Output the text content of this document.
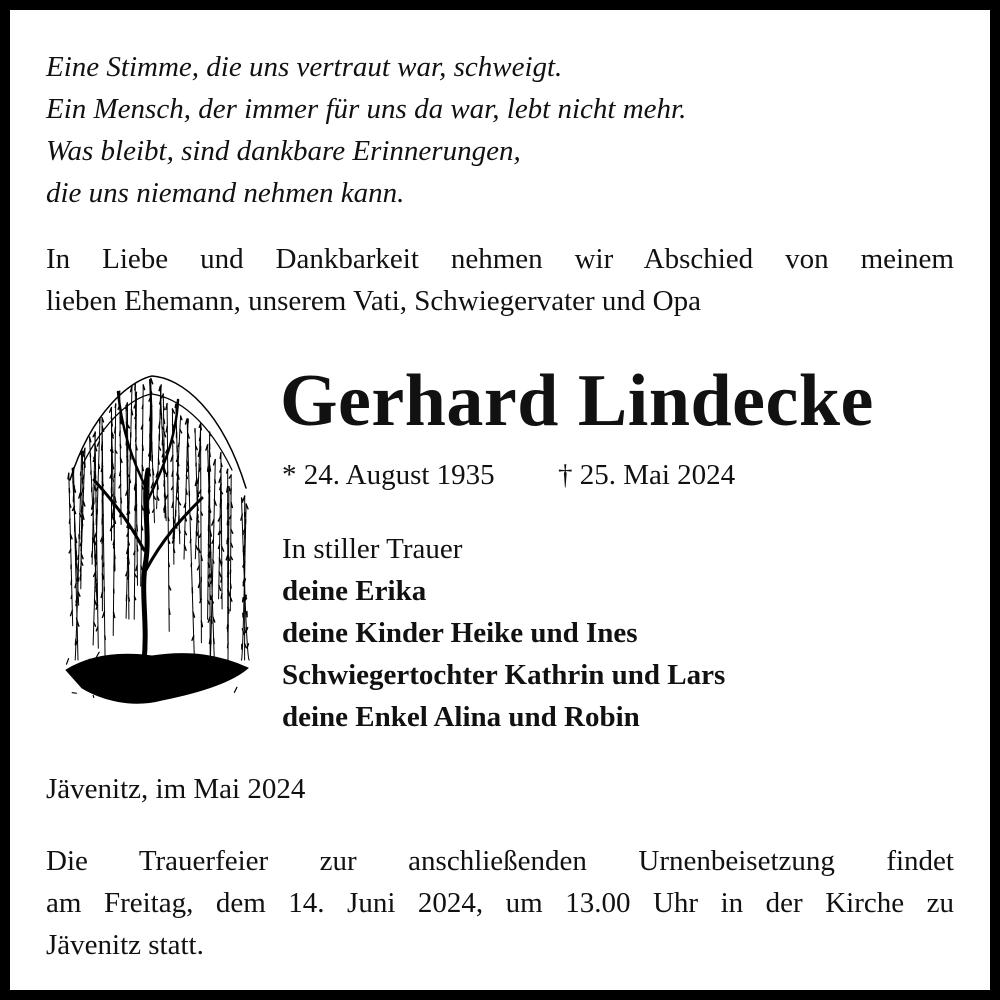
Eine Stimme, die uns vertraut war, schweigt.
Ein Mensch, der immer für uns da war, lebt nicht mehr.
Was bleibt, sind dankbare Erinnerungen,
die uns niemand nehmen kann.
In Liebe und Dankbarkeit nehmen wir Abschied von meinem
lieben Ehemann, unserem Vati, Schwiegervater und Opa
Gerhard Lindecke
* 24. August 1935 † 25. Mai 2024
In stiller Trauer
deine Erika
deine Kinder Heike und Ines
Schwiegertochter Kathrin und Lars
deine Enkel Alina und Robin
Jävenitz, im Mai 2024
Die Trauerfeier zur anschließenden Urnenbeisetzung findet
am Freitag, dem 14. Juni 2024, um 13.00 Uhr in der Kirche zu
Jävenitz statt.
